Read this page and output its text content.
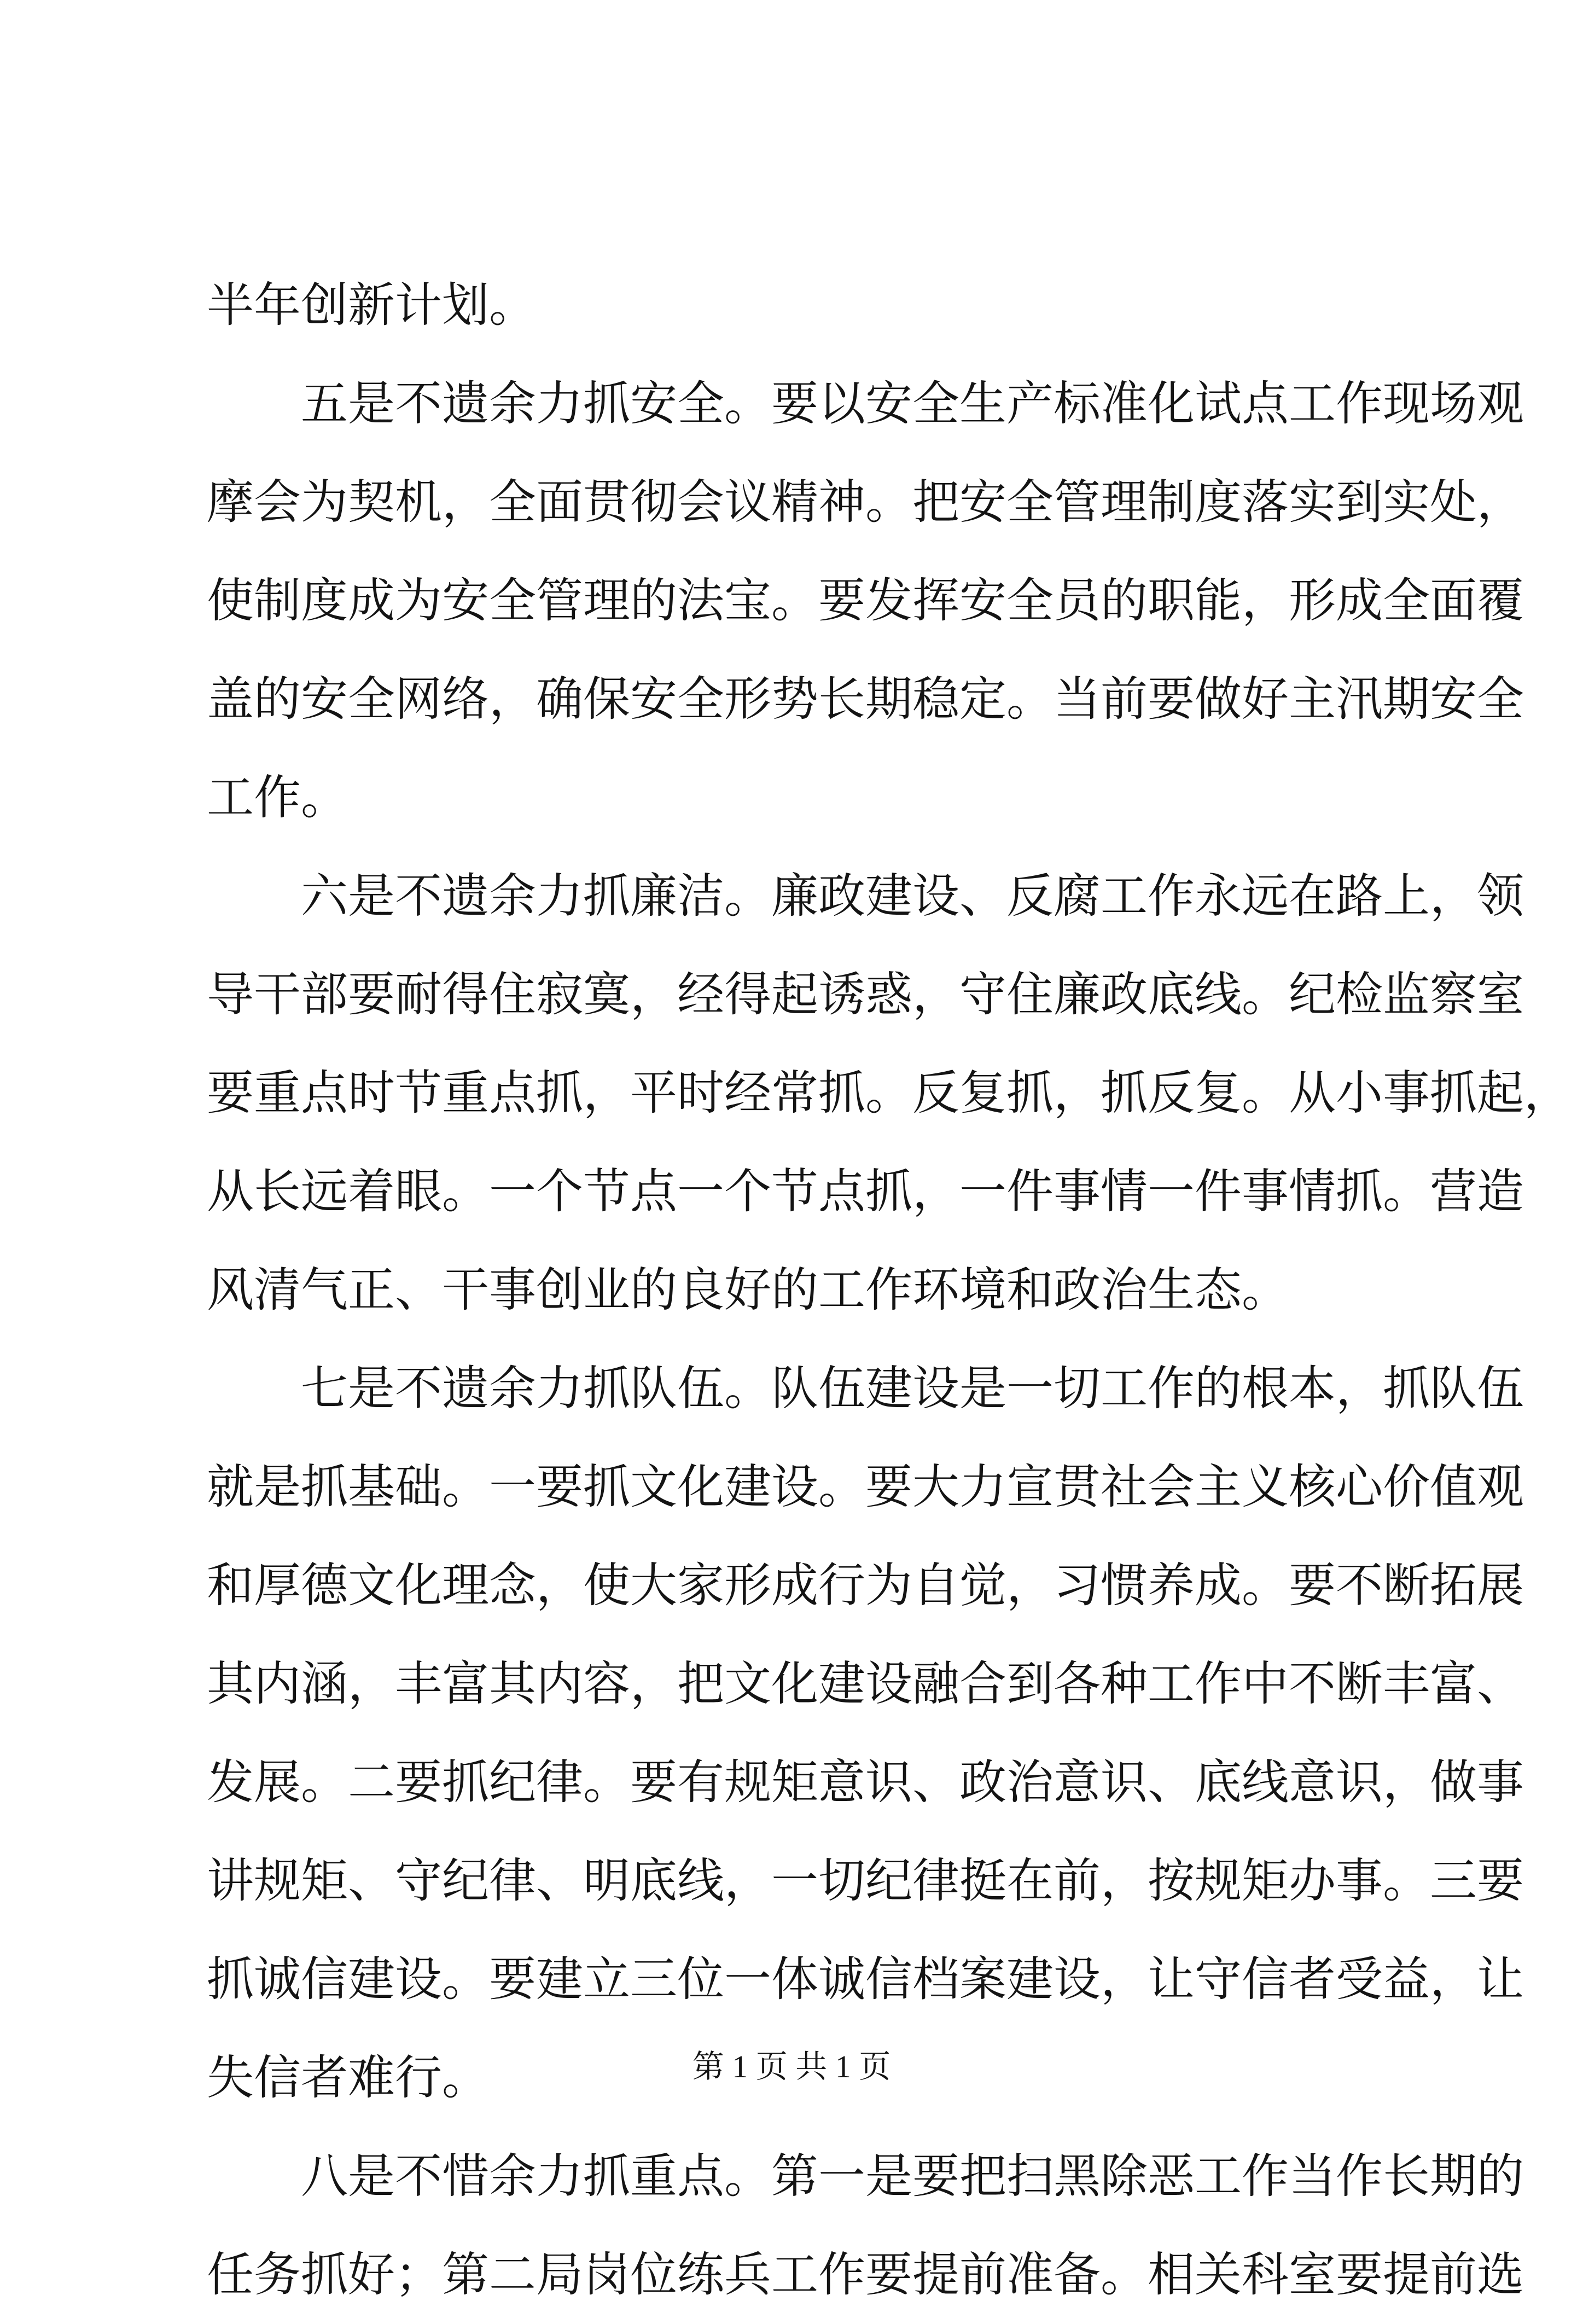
半年创新计划。
　　五是不遗余力抓安全。要以安全生产标准化试点工作现场观
摩会为契机，全面贯彻会议精神。把安全管理制度落实到实处，
使制度成为安全管理的法宝。要发挥安全员的职能，形成全面覆
盖的安全网络，确保安全形势长期稳定。当前要做好主汛期安全
工作。
　　六是不遗余力抓廉洁。廉政建设、反腐工作永远在路上，领
导干部要耐得住寂寞，经得起诱惑，守住廉政底线。纪检监察室
要重点时节重点抓，平时经常抓。反复抓，抓反复。从小事抓起，
从长远着眼。一个节点一个节点抓，一件事情一件事情抓。营造
风清气正、干事创业的良好的工作环境和政治生态。
　　七是不遗余力抓队伍。队伍建设是一切工作的根本，抓队伍
就是抓基础。一要抓文化建设。要大力宣贯社会主义核心价值观
和厚德文化理念，使大家形成行为自觉，习惯养成。要不断拓展
其内涵，丰富其内容，把文化建设融合到各种工作中不断丰富、
发展。二要抓纪律。要有规矩意识、政治意识、底线意识，做事
讲规矩、守纪律、明底线，一切纪律挺在前，按规矩办事。三要
抓诚信建设。要建立三位一体诚信档案建设，让守信者受益，让
失信者难行。
　　八是不惜余力抓重点。第一是要把扫黑除恶工作当作长期的
任务抓好；第二局岗位练兵工作要提前准备。相关科室要提前选
第 1 页 共 1 页
